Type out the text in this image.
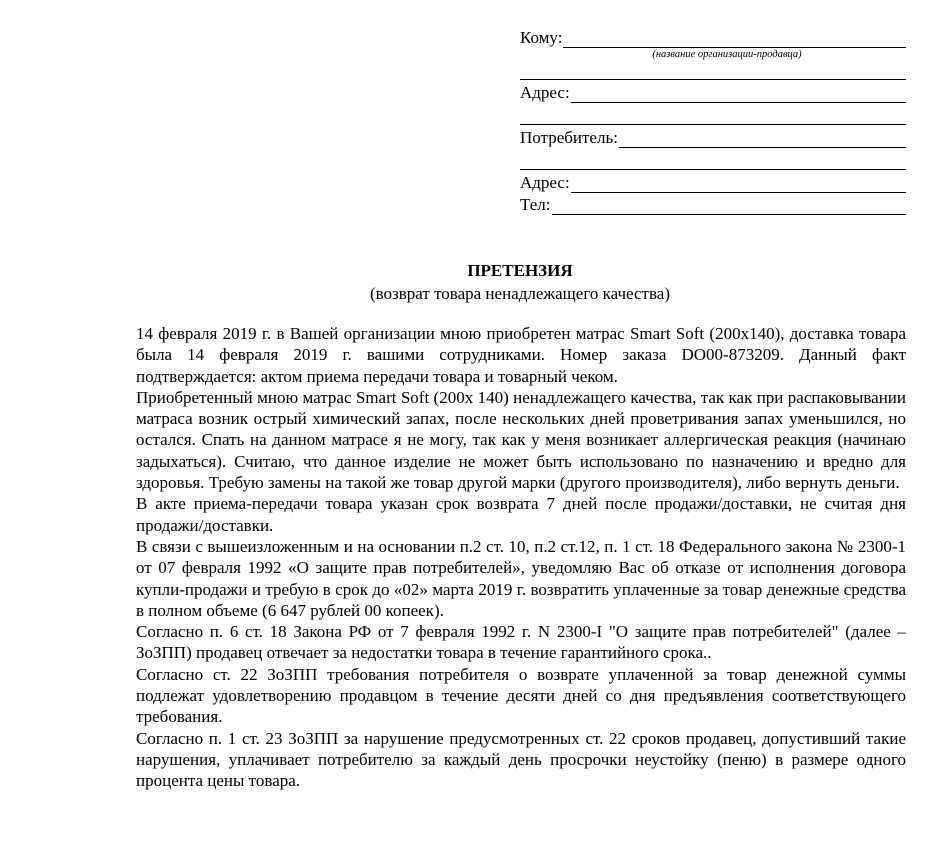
Кому:
(название организации-продавца)
Адрес:
Потребитель:
Адрес:
Тел:
ПРЕТЕНЗИЯ
(возврат товара ненадлежащего качества)

14 февраля 2019 г. в Вашей организации мною приобретен матрас Smart Soft (200х140), доставка товара была 14 февраля 2019 г. вашими сотрудниками. Номер заказа DO00-873209. Данный факт подтверждается: актом приема передачи товара и товарный чеком.

Приобретенный мною матрас Smart Soft (200х 140) ненадлежащего качества, так как при распаковывании матраса возник острый химический запах, после нескольких дней проветривания запах уменьшился, но остался. Спать на данном матрасе я не могу, так как у меня возникает аллергическая реакция (начинаю задыхаться). Считаю, что данное изделие не может быть использовано по назначению и вредно для здоровья. Требую замены на такой же товар другой марки (другого производителя), либо вернуть деньги.

В акте приема-передачи товара указан срок возврата 7 дней после продажи/доставки, не считая дня продажи/доставки.

В связи с вышеизложенным и на основании п.2 ст. 10, п.2 ст.12, п. 1 ст. 18 Федерального закона № 2300-1 от 07 февраля 1992 «О защите прав потребителей», уведомляю Вас об отказе от исполнения договора купли-продажи и требую в срок до «02» марта 2019 г. возвратить уплаченные за товар денежные средства в полном объеме (6 647 рублей 00 копеек).

Согласно п. 6 ст. 18 Закона РФ от 7 февраля 1992 г. N 2300-I "О защите прав потребителей" (далее – ЗоЗПП) продавец отвечает за недостатки товара в течение гарантийного срока..

Согласно ст. 22 ЗоЗПП требования потребителя о возврате уплаченной за товар денежной суммы подлежат удовлетворению продавцом в течение десяти дней со дня предъявления соответствующего требования.

Согласно п. 1 ст. 23 ЗоЗПП за нарушение предусмотренных ст. 22 сроков продавец, допустивший такие нарушения, уплачивает потребителю за каждый день просрочки неустойку (пеню) в размере одного процента цены товара.
